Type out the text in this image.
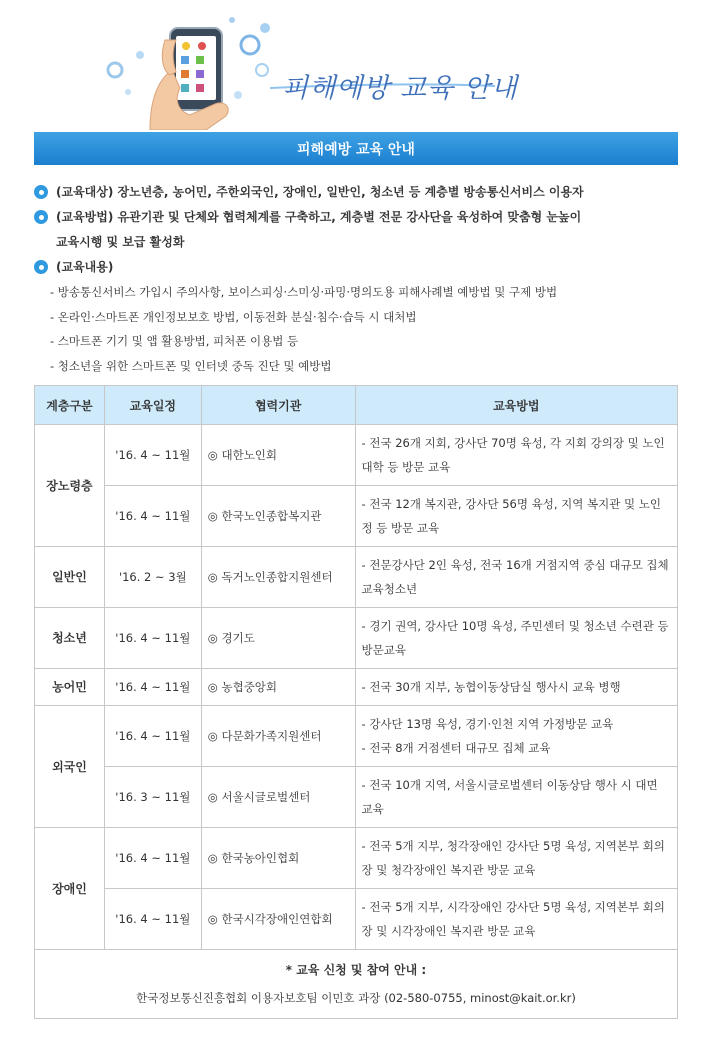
피해예방 교육 안내
피해예방 교육 안내
(교육대상) 장노년층, 농어민, 주한외국인, 장애인, 일반인, 청소년 등 계층별 방송통신서비스 이용자
(교육방법) 유관기관 및 단체와 협력체계를 구축하고, 계층별 전문 강사단을 육성하여 맞춤형 눈높이
교육시행 및 보급 활성화
(교육내용)
- 방송통신서비스 가입시 주의사항, 보이스피싱·스미싱·파밍·명의도용 피해사례별 예방법 및 구제 방법
- 온라인·스마트폰 개인정보보호 방법, 이동전화 분실·침수·습득 시 대처법
- 스마트폰 기기 및 앱 활용방법, 피처폰 이용법 등
- 청소년을 위한 스마트폰 및 인터넷 중독 진단 및 예방법
계층구분	교육일정	협력기관	교육방법
장노령층	'16. 4 ~ 11월	◎ 대한노인회	- 전국 26개 지회, 강사단 70명 육성, 각 지회 강의장 및 노인대학 등 방문 교육
	'16. 4 ~ 11월	◎ 한국노인종합복지관	- 전국 12개 복지관, 강사단 56명 육성, 지역 복지관 및 노인정 등 방문 교육
일반인	'16. 2 ~ 3월	◎ 독거노인종합지원센터	- 전문강사단 2인 육성, 전국 16개 거점지역 중심 대규모 집체 교육청소년
청소년	'16. 4 ~ 11월	◎ 경기도	- 경기 권역, 강사단 10명 육성, 주민센터 및 청소년 수련관 등 방문교육
농어민	'16. 4 ~ 11월	◎ 농협중앙회	- 전국 30개 지부, 농협이동상담실 행사시 교육 병행
외국인	'16. 4 ~ 11월	◎ 다문화가족지원센터	- 강사단 13명 육성, 경기·인천 지역 가정방문 교육
- 전국 8개 거점센터 대규모 집체 교육

	'16. 3 ~ 11월	◎ 서울시글로벌센터	- 전국 10개 지역, 서울시글로벌센터 이동상담 행사 시 대면 교육
장애인	'16. 4 ~ 11월	◎ 한국농아인협회	- 전국 5개 지부, 청각장애인 강사단 5명 육성, 지역본부 회의장 및 청각장애인 복지관 방문 교육
	'16. 4 ~ 11월	◎ 한국시각장애인연합회	- 전국 5개 지부, 시각장애인 강사단 5명 육성, 지역본부 회의장 및 시각장애인 복지관 방문 교육

* 교육 신청 및 참여 안내 :
한국정보통신진흥협회 이용자보호팀 이민호 과장 (02-580-0755, minost@kait.or.kr)			
